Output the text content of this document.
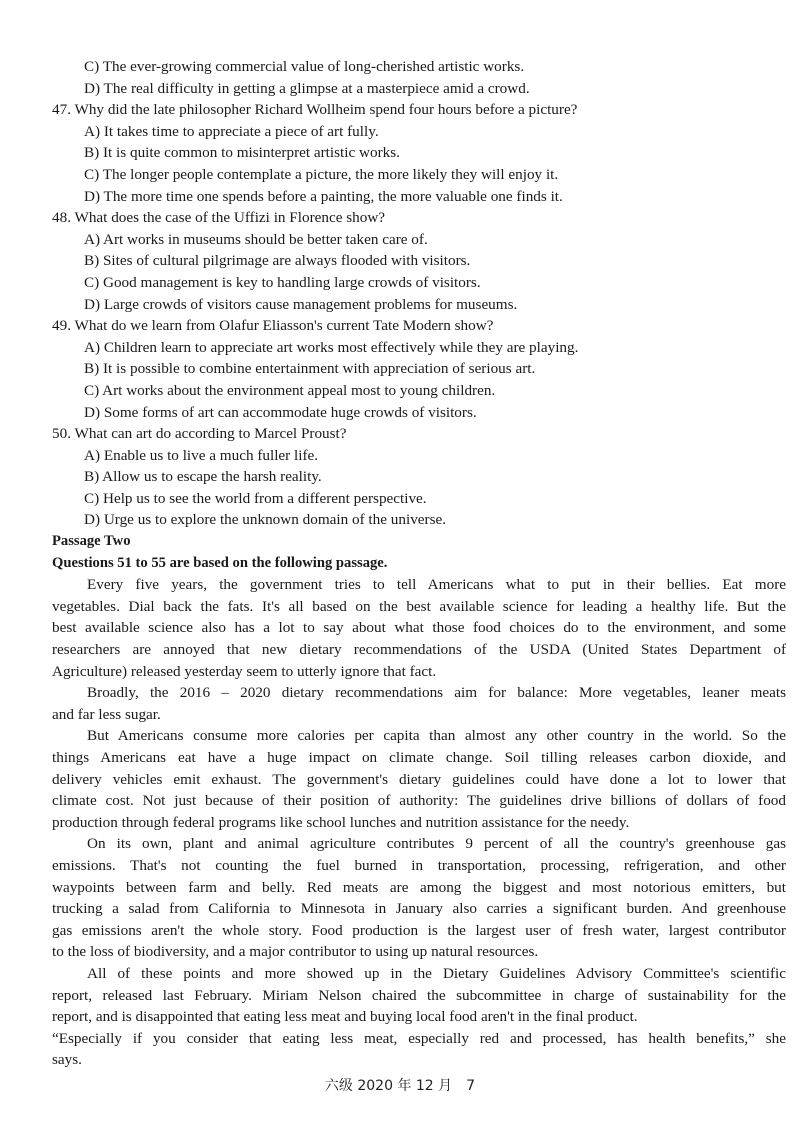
C) The ever-growing commercial value of long-cherished artistic works.
D) The real difficulty in getting a glimpse at a masterpiece amid a crowd.
47. Why did the late philosopher Richard Wollheim spend four hours before a picture?
A) It takes time to appreciate a piece of art fully.
B) It is quite common to misinterpret artistic works.
C) The longer people contemplate a picture, the more likely they will enjoy it.
D) The more time one spends before a painting, the more valuable one finds it.
48. What does the case of the Uffizi in Florence show?
A) Art works in museums should be better taken care of.
B) Sites of cultural pilgrimage are always flooded with visitors.
C) Good management is key to handling large crowds of visitors.
D) Large crowds of visitors cause management problems for museums.
49. What do we learn from Olafur Eliasson's current Tate Modern show?
A) Children learn to appreciate art works most effectively while they are playing.
B) It is possible to combine entertainment with appreciation of serious art.
C) Art works about the environment appeal most to young children.
D) Some forms of art can accommodate huge crowds of visitors.
50. What can art do according to Marcel Proust?
A) Enable us to live a much fuller life.
B) Allow us to escape the harsh reality.
C) Help us to see the world from a different perspective.
D) Urge us to explore the unknown domain of the universe.
Passage Two
Questions 51 to 55 are based on the following passage.
Every five years, the government tries to tell Americans what to put in their bellies. Eat more
vegetables. Dial back the fats. It's all based on the best available science for leading a healthy life. But the
best available science also has a lot to say about what those food choices do to the environment, and some
researchers are annoyed that new dietary recommendations of the USDA (United States Department of
Agriculture) released yesterday seem to utterly ignore that fact.
Broadly, the 2016 – 2020 dietary recommendations aim for balance: More vegetables, leaner meats
and far less sugar.
But Americans consume more calories per capita than almost any other country in the world. So the
things Americans eat have a huge impact on climate change. Soil tilling releases carbon dioxide, and
delivery vehicles emit exhaust. The government's dietary guidelines could have done a lot to lower that
climate cost. Not just because of their position of authority: The guidelines drive billions of dollars of food
production through federal programs like school lunches and nutrition assistance for the needy.
On its own, plant and animal agriculture contributes 9 percent of all the country's greenhouse gas
emissions. That's not counting the fuel burned in transportation, processing, refrigeration, and other
waypoints between farm and belly. Red meats are among the biggest and most notorious emitters, but
trucking a salad from California to Minnesota in January also carries a significant burden. And greenhouse
gas emissions aren't the whole story. Food production is the largest user of fresh water, largest contributor
to the loss of biodiversity, and a major contributor to using up natural resources.
All of these points and more showed up in the Dietary Guidelines Advisory Committee's scientific
report, released last February. Miriam Nelson chaired the subcommittee in charge of sustainability for the
report, and is disappointed that eating less meat and buying local food aren't in the final product.
“Especially if you consider that eating less meat, especially red and processed, has health benefits,” she
says.
六级 2020 年 12 月　7
